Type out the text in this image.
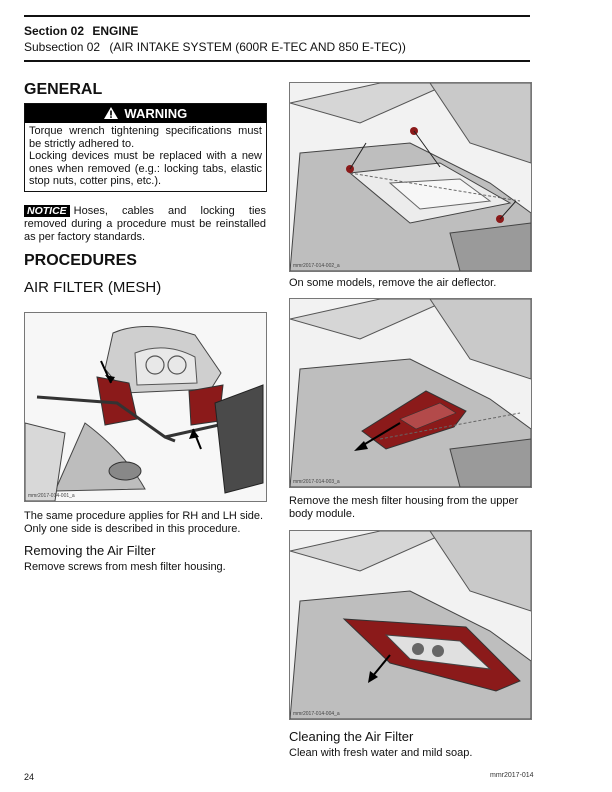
Section 02 ENGINE
Subsection 02 (AIR INTAKE SYSTEM (600R E-TEC AND 850 E-TEC))
GENERAL
WARNING
Torque wrench tightening specifications must be strictly adhered to.
Locking devices must be replaced with a new ones when removed (e.g.: locking tabs, elastic stop nuts, cotter pins, etc.).
NOTICE Hoses, cables and locking ties removed during a procedure must be reinstalled as per factory standards.
PROCEDURES
AIR FILTER (MESH)
mmr2017-014-001_a
The same procedure applies for RH and LH side. Only one side is described in this procedure.
Removing the Air Filter
Remove screws from mesh filter housing.
mmr2017-014-002_a
On some models, remove the air deflector.
mmr2017-014-003_a
Remove the mesh filter housing from the upper body module.
mmr2017-014-004_a
Cleaning the Air Filter
Clean with fresh water and mild soap.
24	mmr2017-014
